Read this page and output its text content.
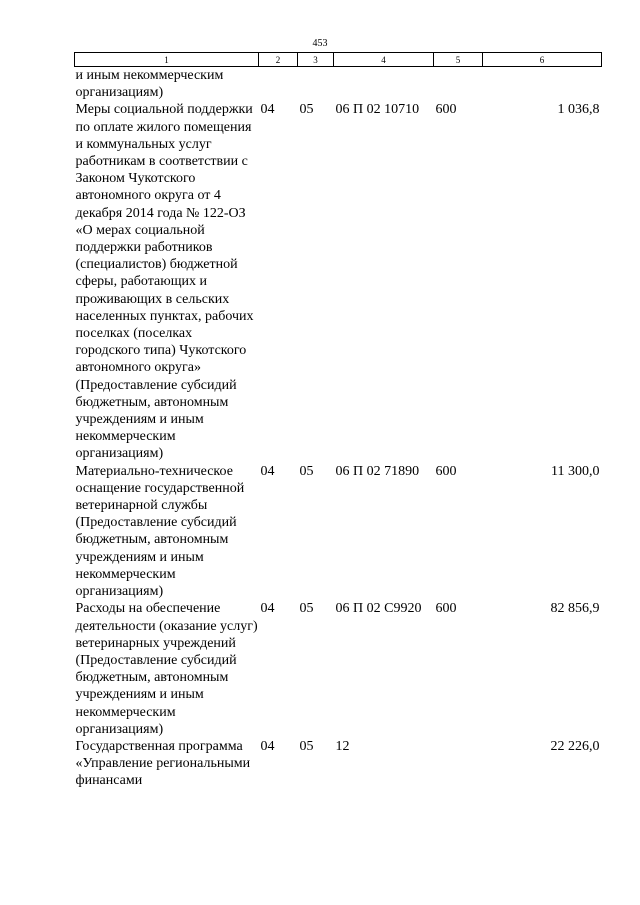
453
1	2	3	4	5	6
и иным некоммерческим организациям)					
Меры социальной поддержки по оплате жилого помещения и коммунальных услуг работникам в соответствии с Законом Чукотского автономного округа от 4 декабря 2014 года № 122-ОЗ «О мерах социальной поддержки работников (специалистов) бюджетной сферы, работающих и проживающих в сельских населенных пунктах, рабочих поселках (поселках городского типа) Чукотского автономного округа» (Предоставление субсидий бюджетным, автономным учреждениям и иным некоммерческим организациям)	04	05	06 П 02 10710	600	1 036,8
Материально-техническое оснащение государственной ветеринарной службы (Предоставление субсидий бюджетным, автономным учреждениям и иным некоммерческим организациям)	04	05	06 П 02 71890	600	11 300,0
Расходы на обеспечение деятельности (оказание услуг) ветеринарных учреждений (Предоставление субсидий бюджетным, автономным учреждениям и иным некоммерческим организациям)	04	05	06 П 02 С9920	600	82 856,9
Государственная программа «Управление региональными финансами	04	05	12		22 226,0
